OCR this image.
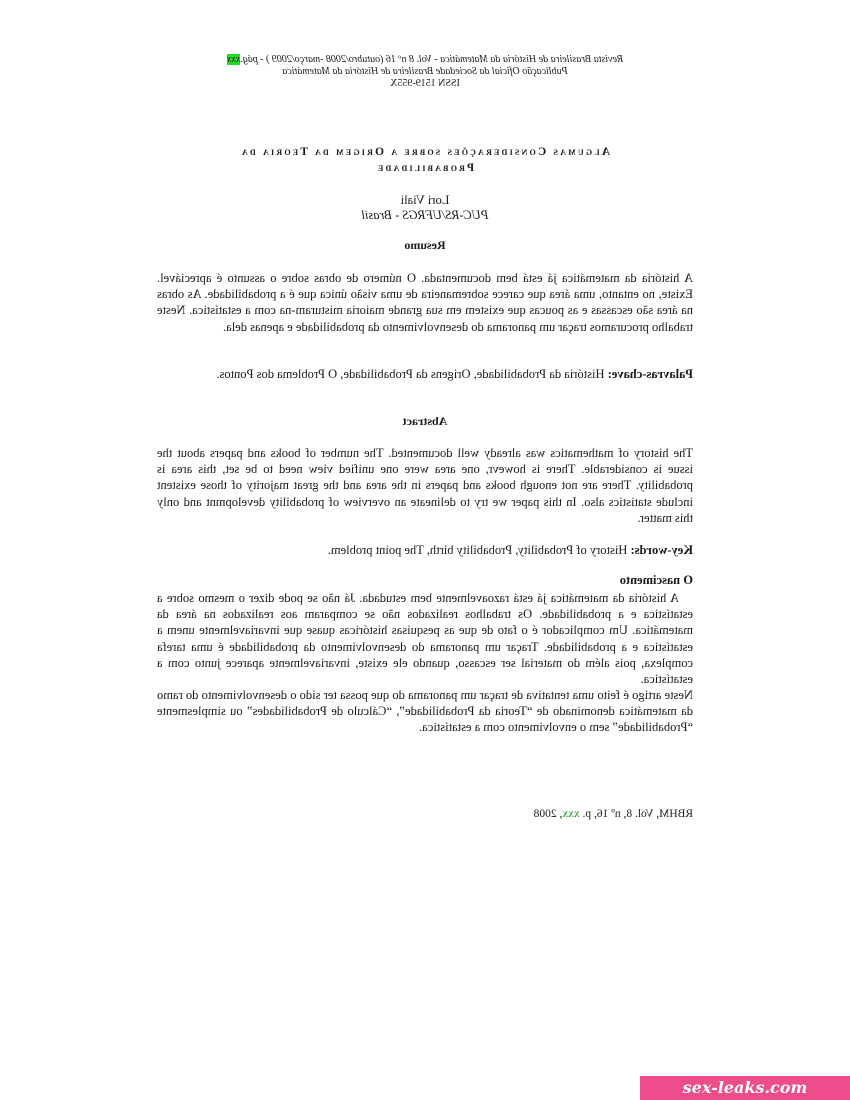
Revista Brasileira de História da Matemática - Vol. 8 nº 16 (outubro/2008 -março/2009 ) - pág.xxx
Publicação Oficial da Sociedade Brasileira de História da Matemática
ISSN 1519-955X
Algumas Considerações sobre a Origem da Teoria da
Probabilidade
Lori Viali
PUC-RS/UFRGS - Brasil
Resumo
A história da matemática já está bem documentada. O número de obras sobre o assunto é apreciável. Existe, no entanto, uma área que carece sobremaneira de uma visão única que é a probabilidade. As obras na área são escassas e as poucas que existem em sua grande maioria misturam-na com a estatística. Neste trabalho procuramos traçar um panorama do desenvolvimento da probabilidade e apenas dela.
Palavras-chave: História da Probabilidade, Origens da Probabilidade, O Problema dos Pontos.
Abstract
The history of mathematics was already well documented. The number of books and papers about the issue is considerable. There is howevr, one area were one unified view need to be set, this area is probability. There are not enough books and papers in the area and the great majority of those existent include statistics also. In this paper we try to delineate an overview of probability developmnt and only this matter.
Key-words: History of Probability, Probability birth, The point problem.
O nascimento
A história da matemática já está razoavelmente bem estudada. Já não se pode dizer o mesmo sobre a estatística e a probabilidade. Os trabalhos realizados não se comparam aos realizados na área da matemática. Um complicador é o fato de que as pesquisas históricas quase que invariavelmente unem a estatística e a probabilidade. Traçar um panorama do desenvolvimento da probabilidade é uma tarefa complexa, pois além do material ser escasso, quando ele existe, invariavelmente aparece junto com a estatística.
Neste artigo é feito uma tentativa de traçar um panorama do que possa ter sido o desenvolvimento do ramo da matemática denominado de “Teoria da Probabilidade”, “Cálculo de Probabilidades” ou simplesmente “Probabilidade” sem o envolvimento com a estatística.
RBHM, Vol. 8, nº 16, p. xxx, 2008
sex-leaks.com
